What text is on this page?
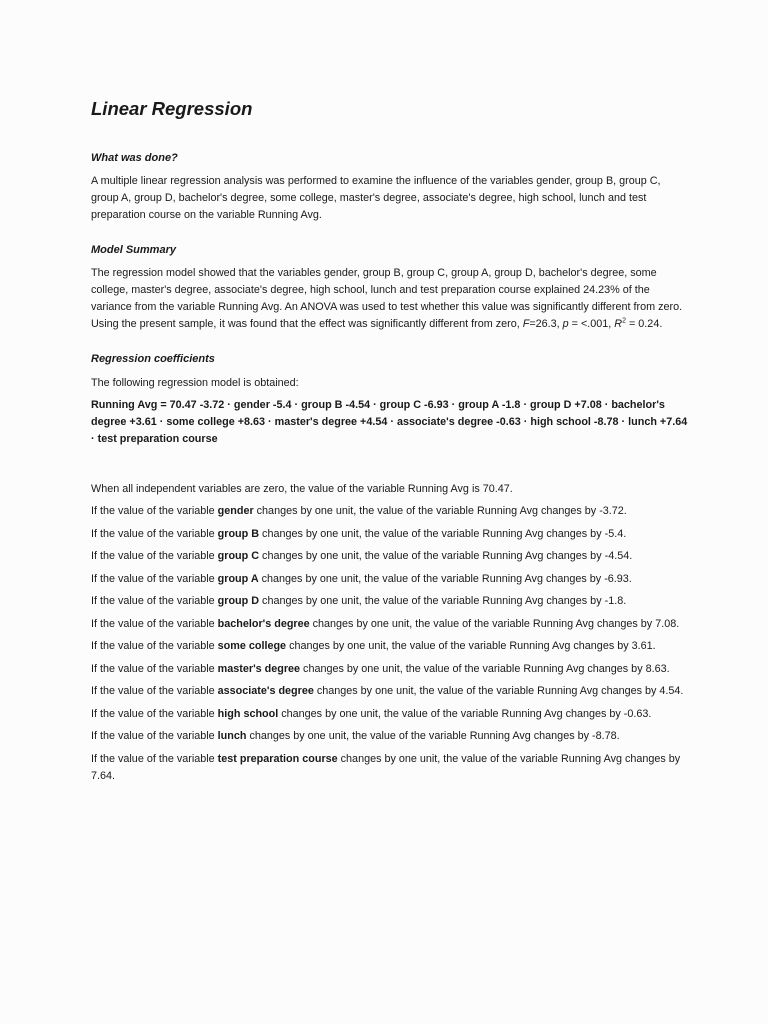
Linear Regression
What was done?

A multiple linear regression analysis was performed to examine the influence of the variables gender, group B, group C, group A, group D, bachelor's degree, some college, master's degree, associate's degree, high school, lunch and test preparation course on the variable Running Avg.

Model Summary

The regression model showed that the variables gender, group B, group C, group A, group D, bachelor's degree, some college, master's degree, associate's degree, high school, lunch and test preparation course explained 24.23% of the variance from the variable Running Avg. An ANOVA was used to test whether this value was significantly different from zero. Using the present sample, it was found that the effect was significantly different from zero, F=26.3, p = <.001, $R^2 = 0.24$.

Regression coefficients

The following regression model is obtained:

Running Avg = 70.47 -3.72 · gender -5.4 · group B -4.54 · group C -6.93 · group A -1.8 · group D +7.08 · bachelor's degree +3.61 · some college +8.63 · master's degree +4.54 · associate's degree -0.63 · high school -8.78 · lunch +7.64 · test preparation course

When all independent variables are zero, the value of the variable Running Avg is 70.47.

If the value of the variable gender changes by one unit, the value of the variable Running Avg changes by -3.72.

If the value of the variable group B changes by one unit, the value of the variable Running Avg changes by -5.4.

If the value of the variable group C changes by one unit, the value of the variable Running Avg changes by -4.54.

If the value of the variable group A changes by one unit, the value of the variable Running Avg changes by -6.93.

If the value of the variable group D changes by one unit, the value of the variable Running Avg changes by -1.8.

If the value of the variable bachelor's degree changes by one unit, the value of the variable Running Avg changes by 7.08.

If the value of the variable some college changes by one unit, the value of the variable Running Avg changes by 3.61.

If the value of the variable master's degree changes by one unit, the value of the variable Running Avg changes by 8.63.

If the value of the variable associate's degree changes by one unit, the value of the variable Running Avg changes by 4.54.

If the value of the variable high school changes by one unit, the value of the variable Running Avg changes by -0.63.

If the value of the variable lunch changes by one unit, the value of the variable Running Avg changes by -8.78.

If the value of the variable test preparation course changes by one unit, the value of the variable Running Avg changes by 7.64.
